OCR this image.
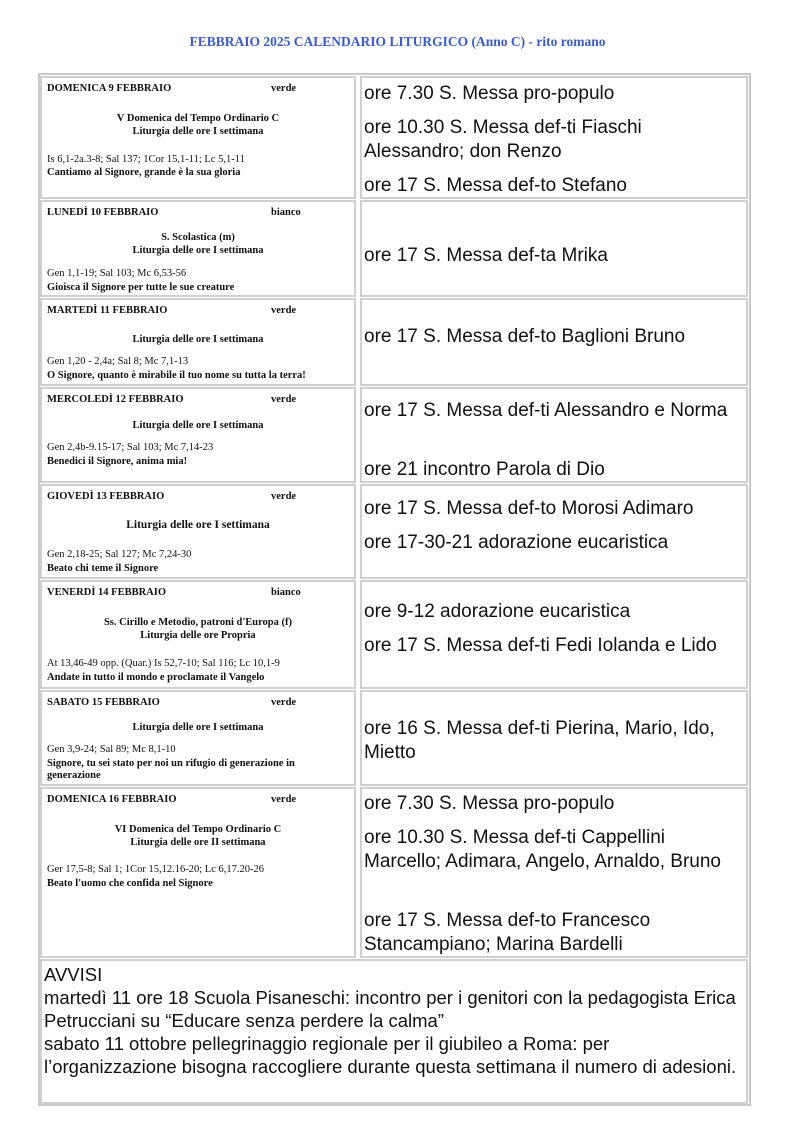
FEBBRAIO 2025 CALENDARIO LITURGICO (Anno C) - rito romano
DOMENICA 9 FEBBRAIO	verde
V Domenica del Tempo Ordinario C
Liturgia delle ore I settimana
Is 6,1-2a.3-8; Sal 137; 1Cor 15,1-11; Lc 5,1-11
Cantiamo al Signore, grande è la sua gloria
ore 7.30 S. Messa pro-populo
ore 10.30 S. Messa def-ti Fiaschi Alessandro; don Renzo
ore 17 S. Messa def-to Stefano
LUNEDÌ 10 FEBBRAIO	bianco
S. Scolastica (m)
Liturgia delle ore I settimana
Gen 1,1-19; Sal 103; Mc 6,53-56
Gioisca il Signore per tutte le sue creature
ore 17 S. Messa def-ta Mrika
MARTEDÌ 11 FEBBRAIO	verde
Liturgia delle ore I settimana
Gen 1,20 - 2,4a; Sal 8; Mc 7,1-13
O Signore, quanto è mirabile il tuo nome su tutta la terra!
ore 17 S. Messa def-to Baglioni Bruno
MERCOLEDÌ 12 FEBBRAIO	verde
Liturgia delle ore I settimana
Gen 2,4b-9.15-17; Sal 103; Mc 7,14-23
Benedici il Signore, anima mia!
ore 17 S. Messa def-ti Alessandro e Norma
ore 21 incontro Parola di Dio
GIOVEDÌ 13 FEBBRAIO	verde
Liturgia delle ore I settimana
Gen 2,18-25; Sal 127; Mc 7,24-30
Beato chi teme il Signore
ore 17 S. Messa def-to Morosi Adimaro
ore 17-30-21 adorazione eucaristica
VENERDÌ 14 FEBBRAIO	bianco
Ss. Cirillo e Metodio, patroni d'Europa (f)
Liturgia delle ore Propria
At 13,46-49 opp. (Quar.) Is 52,7-10; Sal 116; Lc 10,1-9
Andate in tutto il mondo e proclamate il Vangelo
ore 9-12 adorazione eucaristica
ore 17 S. Messa def-ti Fedi Iolanda e Lido
SABATO 15 FEBBRAIO	verde
Liturgia delle ore I settimana
Gen 3,9-24; Sal 89; Mc 8,1-10
Signore, tu sei stato per noi un rifugio di generazione in generazione
ore 16 S. Messa def-ti Pierina, Mario, Ido, Mietto
DOMENICA 16 FEBBRAIO	verde
VI Domenica del Tempo Ordinario C
Liturgia delle ore II settimana
Ger 17,5-8; Sal 1; 1Cor 15,12.16-20; Lc 6,17.20-26
Beato l'uomo che confida nel Signore
ore 7.30 S. Messa pro-populo
ore 10.30 S. Messa def-ti Cappellini Marcello; Adimara, Angelo, Arnaldo, Bruno
ore 17 S. Messa def-to Francesco Stancampiano; Marina Bardelli
AVVISI
martedì 11 ore 18 Scuola Pisaneschi: incontro per i genitori con la pedagogista Erica Petrucciani su “Educare senza perdere la calma”
sabato 11 ottobre pellegrinaggio regionale per il giubileo a Roma: per l’organizzazione bisogna raccogliere durante questa settimana il numero di adesioni.
